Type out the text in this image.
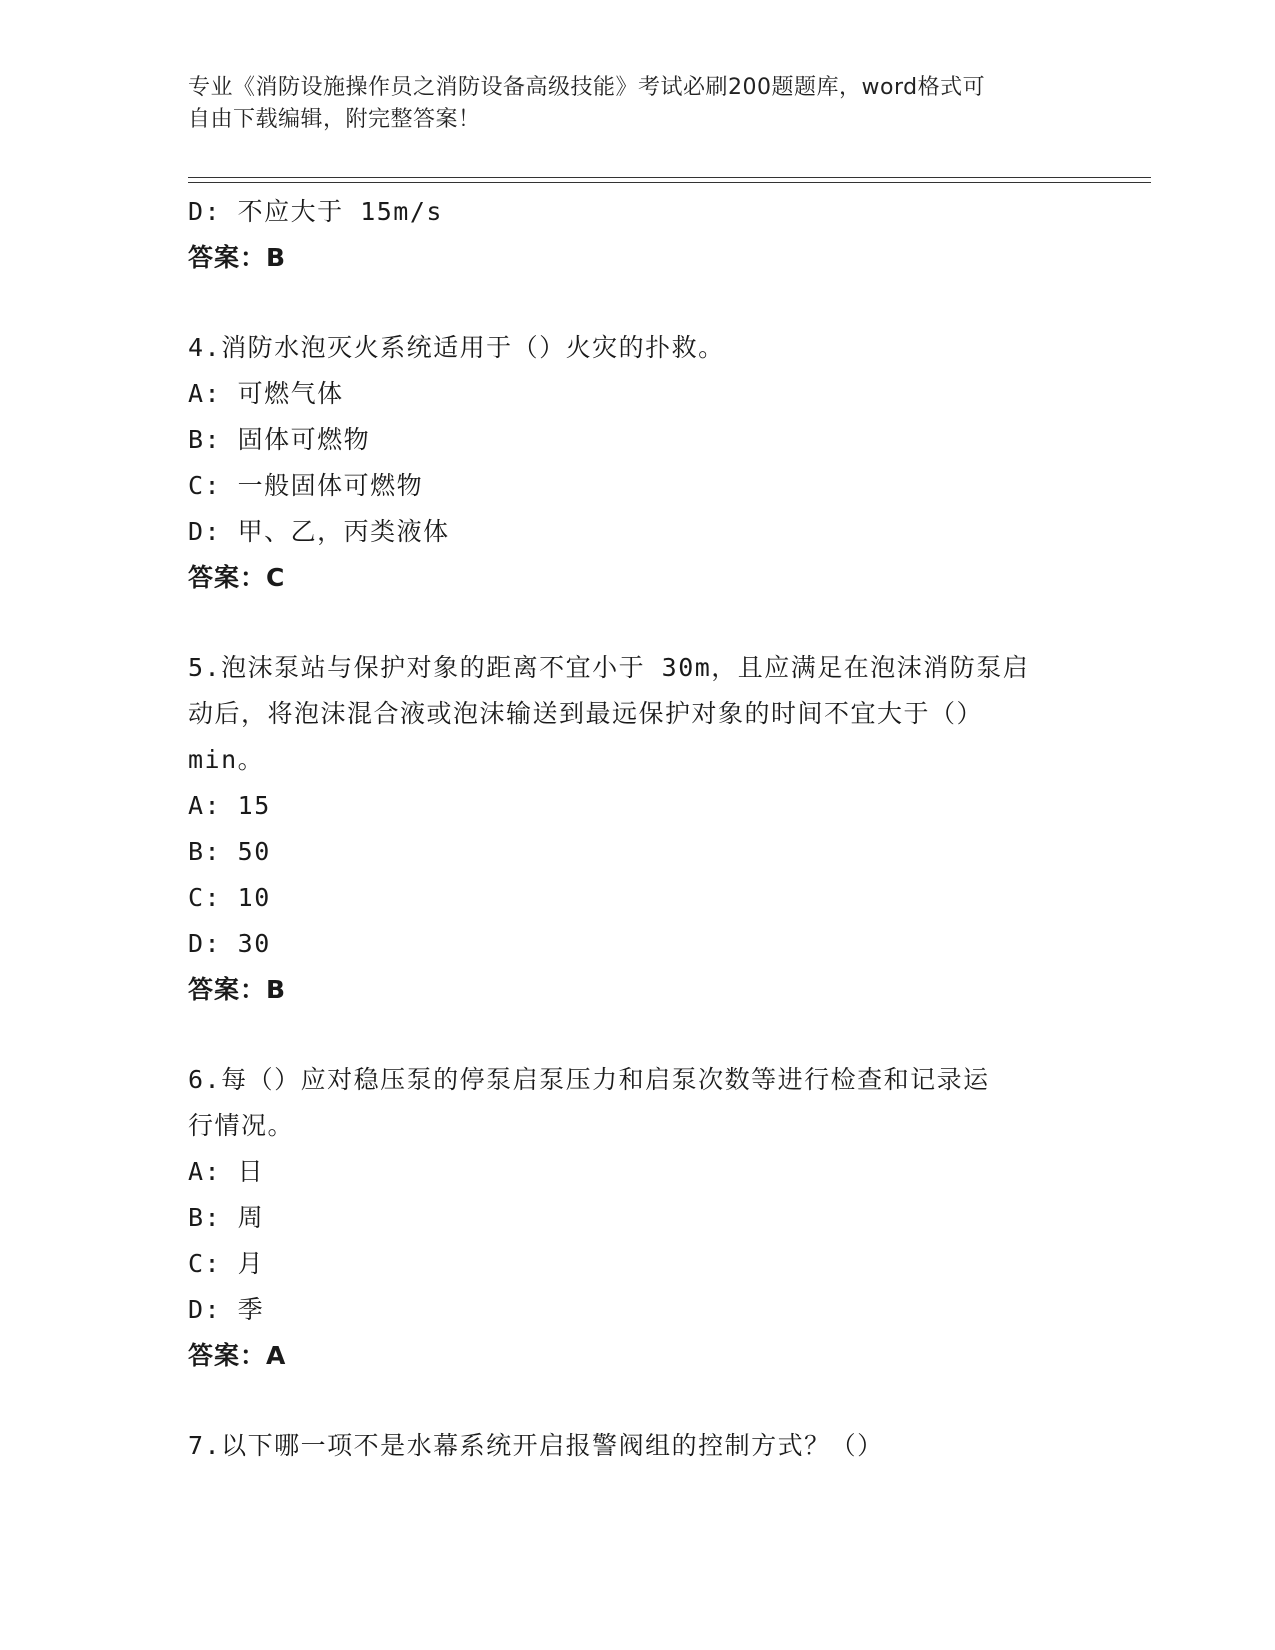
专业《消防设施操作员之消防设备高级技能》考试必刷200题题库，word格式可
自由下载编辑，附完整答案！
D: 不应大于 15m/s
答案：B
4.消防水泡灭火系统适用于（）火灾的扑救。
A: 可燃气体
B: 固体可燃物
C: 一般固体可燃物
D: 甲、乙，丙类液体
答案：C
5.泡沫泵站与保护对象的距离不宜小于 30m，且应满足在泡沫消防泵启
动后，将泡沫混合液或泡沫输送到最远保护对象的时间不宜大于（）
min。
A: 15
B: 50
C: 10
D: 30
答案：B
6.每（）应对稳压泵的停泵启泵压力和启泵次数等进行检查和记录运
行情况。
A: 日
B: 周
C: 月
D: 季
答案：A
7.以下哪一项不是水幕系统开启报警阀组的控制方式？（）
